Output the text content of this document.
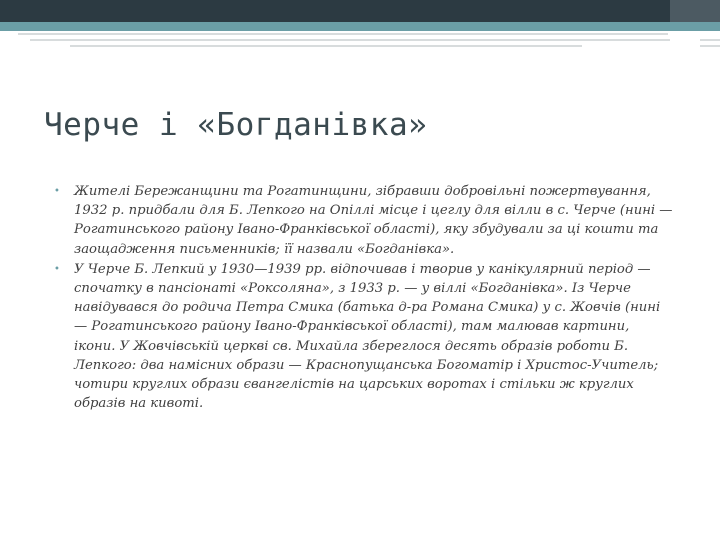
Черче і «Богданівка»
• Жителі Бережанщини та Рогатинщини, зібравши добровільні пожертвування, 1932 р. придбали для Б. Лепкого на Опіллі місце і цеглу для вілли в с. Черче (нині — Рогатинського району Івано-Франківської області), яку збудували за ці кошти та заощадження письменників; її назвали «Богданівка».
• У Черче Б. Лепкий у 1930—1939 рр. відпочивав і творив у канікулярний період — спочатку в пансіонаті «Роксоляна», з 1933 р. — у віллі «Богданівка». Із Черче навідувався до родича Петра Смика (батька д-ра Романа Смика) у с. Жовчів (нині — Рогатинського району Івано-Франківської області), там малював картини, ікони. У Жовчівській церкві св. Михайла збереглося десять образів роботи Б. Лепкого: два намісних образи — Краснопущанська Богоматір і Христос-Учитель; чотири круглих образи євангелістів на царських воротах і стільки ж круглих образів на кивоті.
